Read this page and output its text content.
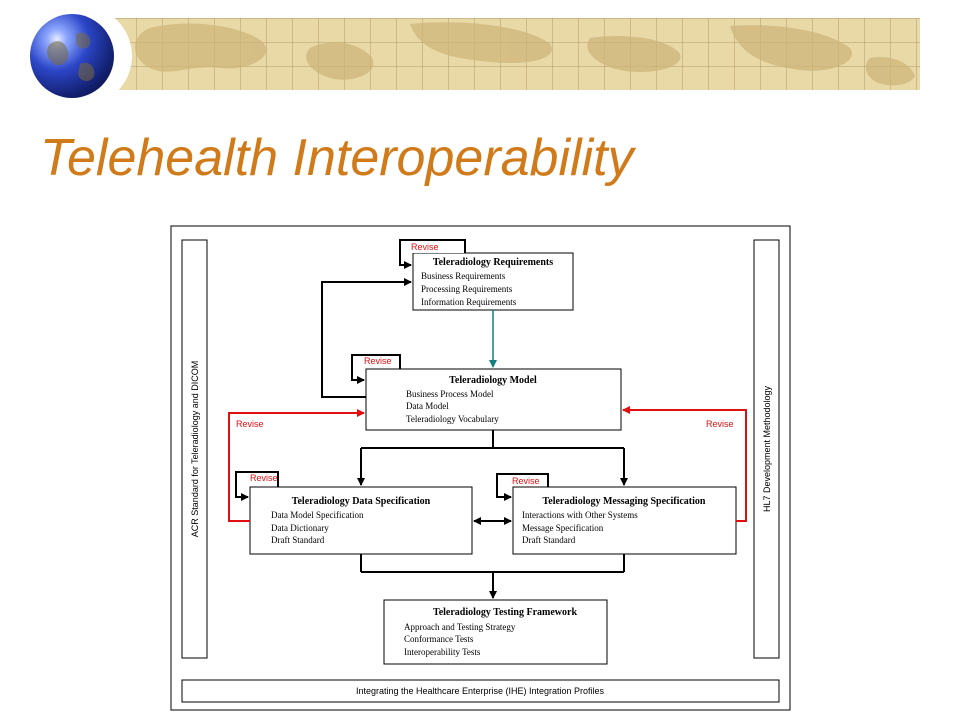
Telehealth Interoperability
ACR Standard for Teleradiology and DICOM	HL7 Development Methodology
Integrating the Healthcare Enterprise (IHE) Integration Profiles
Teleradiology Requirements
Business Requirements
Processing Requirements
Information Requirements
Teleradiology Model
Business Process Model
Data Model
Teleradiology Vocabulary
Teleradiology Data Specification
Data Model Specification
Data Dictionary
Draft Standard
Teleradiology Messaging Specification
Interactions with Other Systems
Message Specification
Draft Standard
Teleradiology Testing Framework
Approach and Testing Strategy
Conformance Tests
Interoperability Tests
Revise
Revise
Revise	Revise
Revise	Revise
